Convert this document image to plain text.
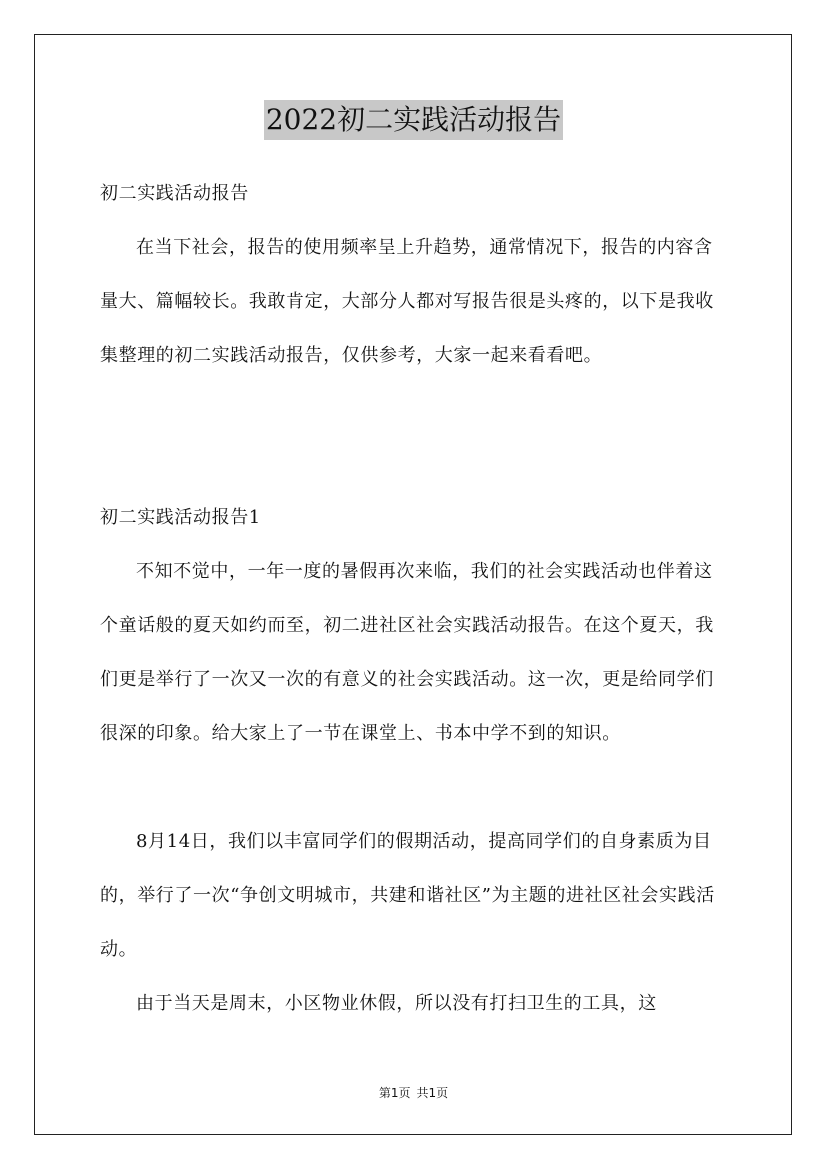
2022初二实践活动报告

初二实践活动报告

在当下社会，报告的使用频率呈上升趋势，通常情况下，报告的内容含量大、篇幅较长。我敢肯定，大部分人都对写报告很是头疼的，以下是我收集整理的初二实践活动报告，仅供参考，大家一起来看看吧。

初二实践活动报告1

不知不觉中，一年一度的暑假再次来临，我们的社会实践活动也伴着这个童话般的夏天如约而至，初二进社区社会实践活动报告。在这个夏天，我们更是举行了一次又一次的有意义的社会实践活动。这一次，更是给同学们很深的印象。给大家上了一节在课堂上、书本中学不到的知识。

8月14日，我们以丰富同学们的假期活动，提高同学们的自身素质为目的，举行了一次“争创文明城市，共建和谐社区”为主题的进社区社会实践活动。

由于当天是周末，小区物业休假，所以没有打扫卫生的工具，这

第1页 共1页
